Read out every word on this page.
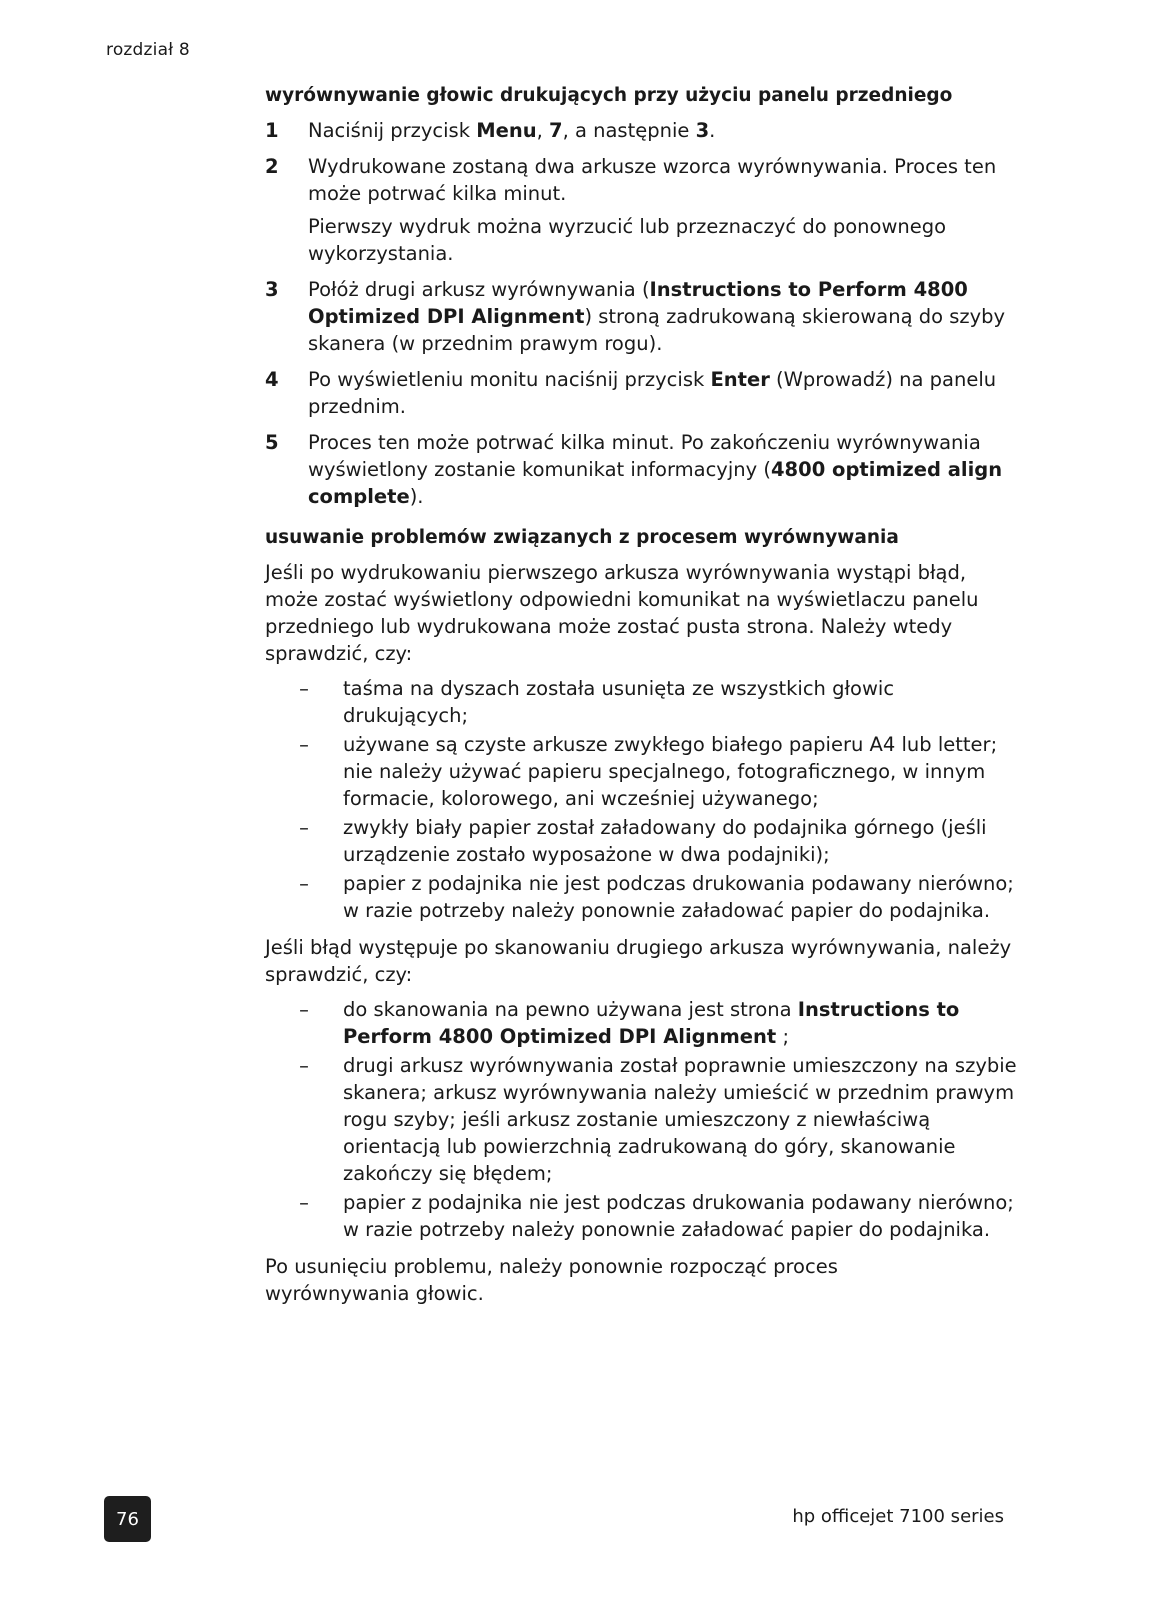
rozdział 8
wyrównywanie głowic drukujących przy użyciu panelu przedniego
1	Naciśnij przycisk Menu, 7, a następnie 3.
2	Wydrukowane zostaną dwa arkusze wzorca wyrównywania. Proces ten może potrwać kilka minut.

Pierwszy wydruk można wyrzucić lub przeznaczyć do ponownego wykorzystania.

3	Połóż drugi arkusz wyrównywania (Instructions to Perform 4800 Optimized DPI Alignment) stroną zadrukowaną skierowaną do szyby skanera (w przednim prawym rogu).
4	Po wyświetleniu monitu naciśnij przycisk Enter (Wprowadź) na panelu przednim.
5	Proces ten może potrwać kilka minut. Po zakończeniu wyrównywania wyświetlony zostanie komunikat informacyjny (4800 optimized align complete).
usuwanie problemów związanych z procesem wyrównywania

Jeśli po wydrukowaniu pierwszego arkusza wyrównywania wystąpi błąd, może zostać wyświetlony odpowiedni komunikat na wyświetlaczu panelu przedniego lub wydrukowana może zostać pusta strona. Należy wtedy sprawdzić, czy:

–	taśma na dyszach została usunięta ze wszystkich głowic drukujących;
–	używane są czyste arkusze zwykłego białego papieru A4 lub letter; nie należy używać papieru specjalnego, fotograficznego, w innym formacie, kolorowego, ani wcześniej używanego;
–	zwykły biały papier został załadowany do podajnika górnego (jeśli urządzenie zostało wyposażone w dwa podajniki);
–	papier z podajnika nie jest podczas drukowania podawany nierówno; w razie potrzeby należy ponownie załadować papier do podajnika.

Jeśli błąd występuje po skanowaniu drugiego arkusza wyrównywania, należy sprawdzić, czy:

–	do skanowania na pewno używana jest strona Instructions to Perform 4800 Optimized DPI Alignment ;
–	drugi arkusz wyrównywania został poprawnie umieszczony na szybie skanera; arkusz wyrównywania należy umieścić w przednim prawym rogu szyby; jeśli arkusz zostanie umieszczony z niewłaściwą orientacją lub powierzchnią zadrukowaną do góry, skanowanie zakończy się błędem;
–	papier z podajnika nie jest podczas drukowania podawany nierówno; w razie potrzeby należy ponownie załadować papier do podajnika.

Po usunięciu problemu, należy ponownie rozpocząć proces wyrównywania głowic.

76	hp officejet 7100 series
